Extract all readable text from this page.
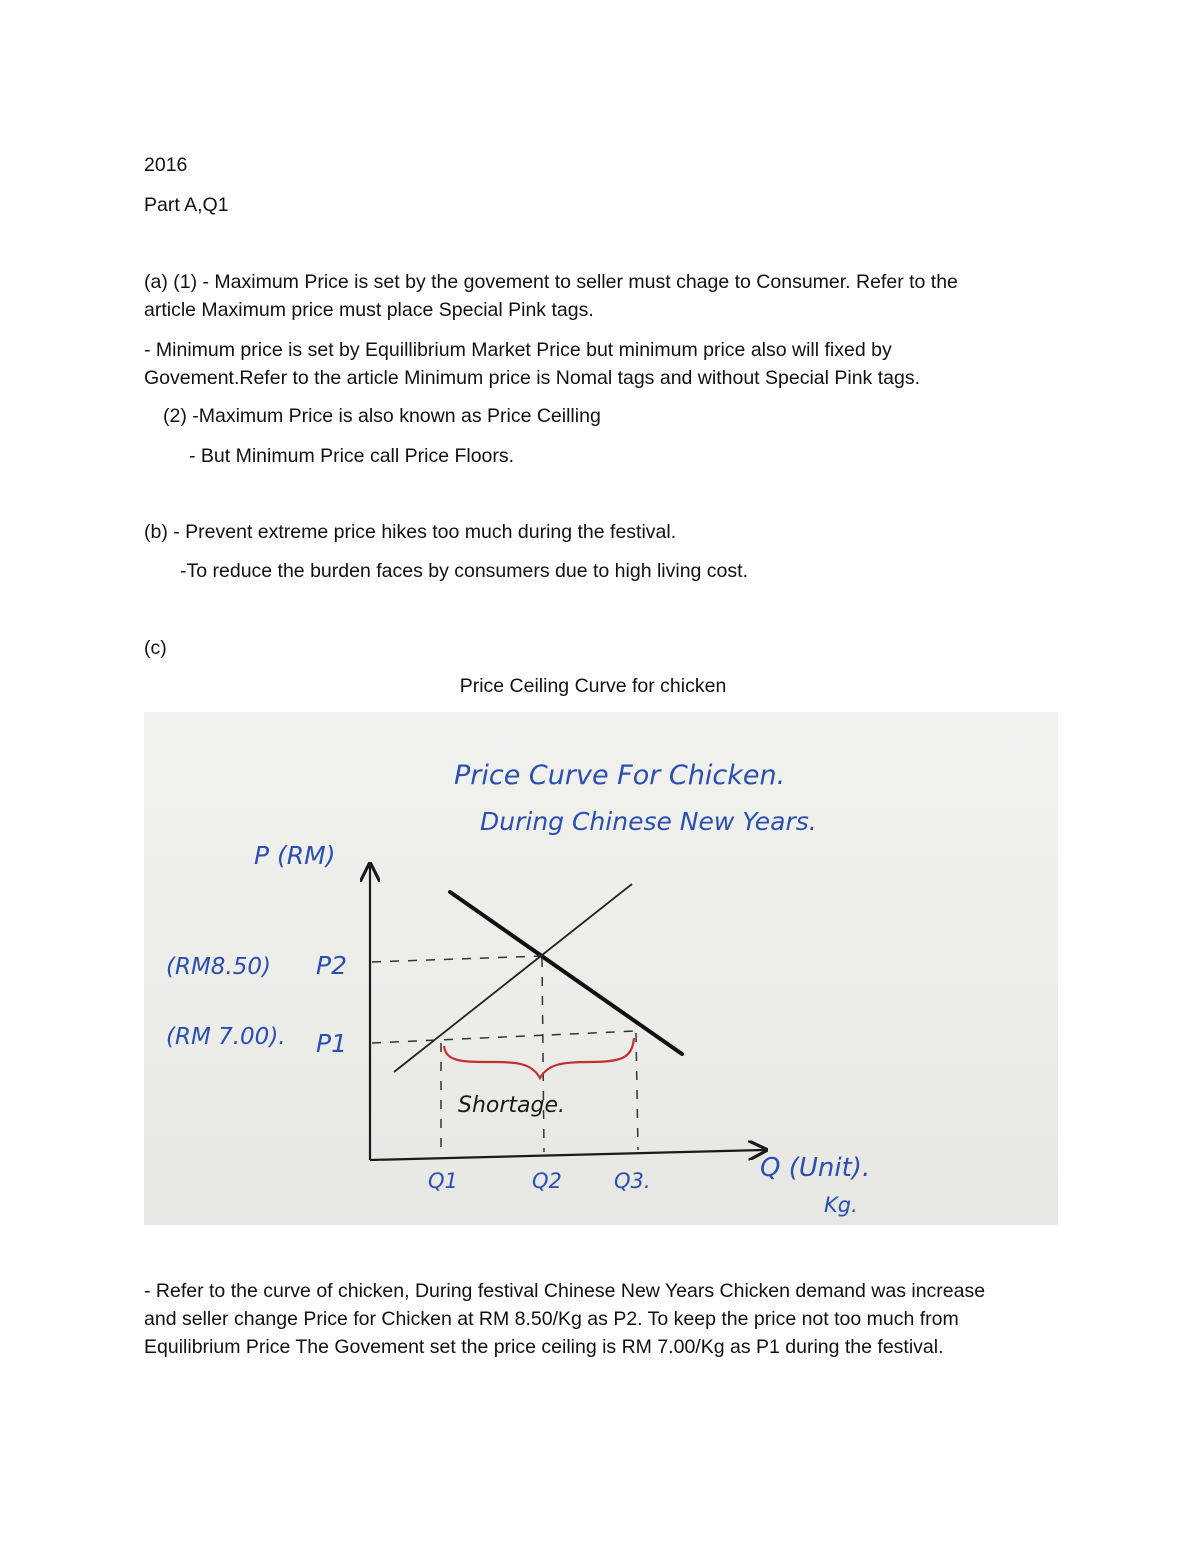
2016
Part A,Q1
(a) (1) - Maximum Price is set by the govement to seller must chage to Consumer. Refer to the
article Maximum price must place Special Pink tags.
- Minimum price is set by Equillibrium Market Price but minimum price also will fixed by
Govement.Refer to the article Minimum price is Nomal tags and without Special Pink tags.
(2) -Maximum Price is also known as Price Ceilling
- But Minimum Price call Price Floors.
(b) - Prevent extreme price hikes too much during the festival.
-To reduce the burden faces by consumers due to high living cost.
(c)
Price Ceiling Curve for chicken
Price Curve For Chicken.
During Chinese New Years.
P (RM)
(RM8.50) P2
(RM 7.00). P1
Shortage.
Q1	Q2 Q3.	Q (Unit).
Kg.
- Refer to the curve of chicken, During festival Chinese New Years Chicken demand was increase
and seller change Price for Chicken at RM 8.50/Kg as P2. To keep the price not too much from
Equilibrium Price The Govement set the price ceiling is RM 7.00/Kg as P1 during the festival.
